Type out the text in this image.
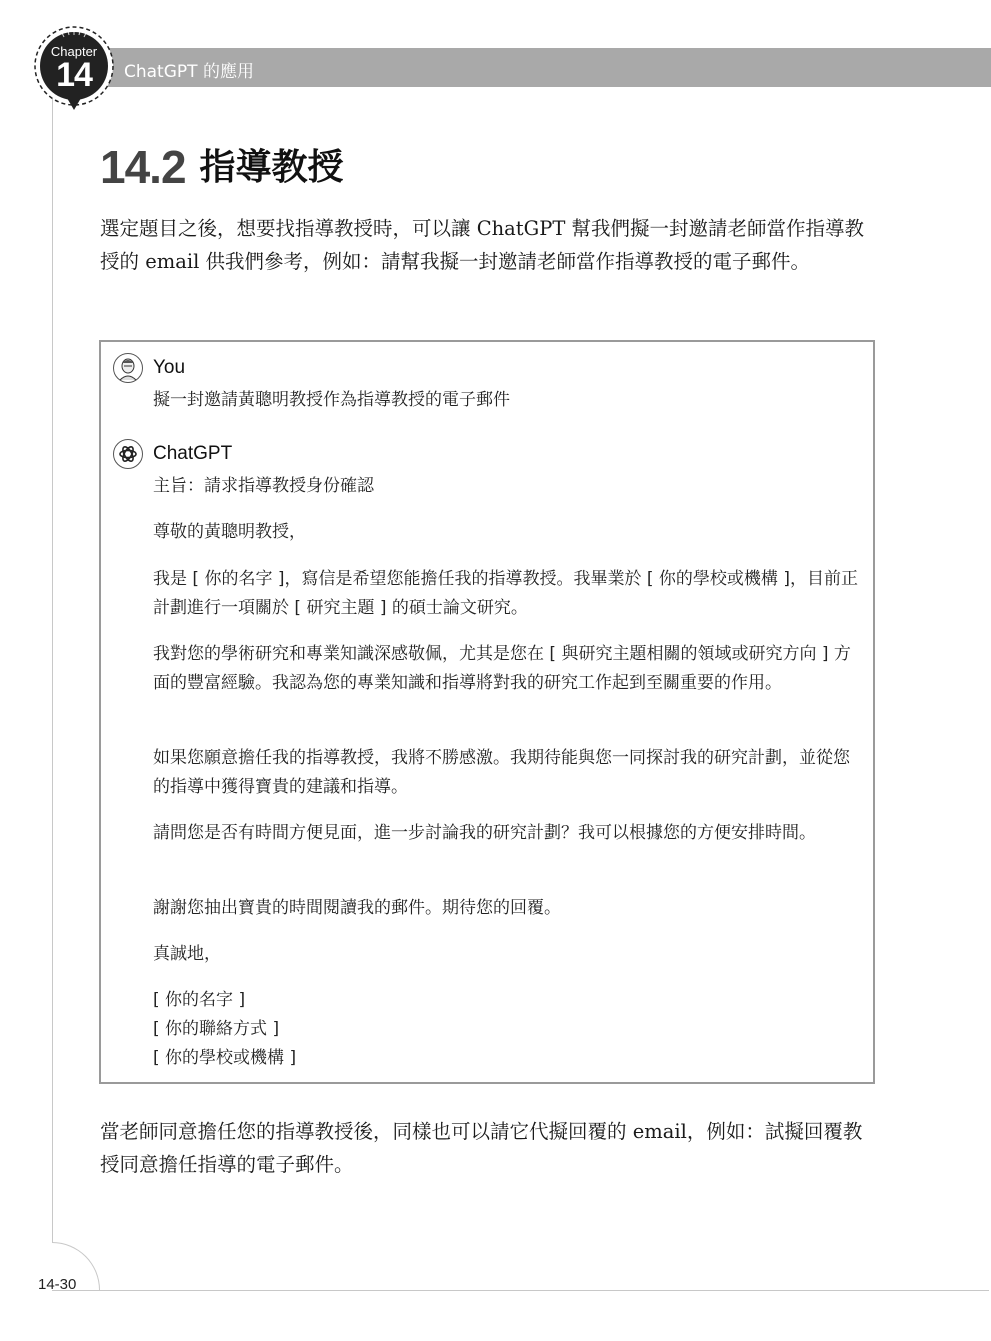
ChatGPT 的應用
Chapter
14
14.2 指導教授

選定題目之後，想要找指導教授時，可以讓 ChatGPT 幫我們擬一封邀請老師當作指導教授的 email 供我們參考，例如：請幫我擬一封邀請老師當作指導教授的電子郵件。

You

擬一封邀請黃聰明教授作為指導教授的電子郵件

ChatGPT

主旨：請求指導教授身份確認

尊敬的黃聰明教授，

我是 [ 你的名字 ]，寫信是希望您能擔任我的指導教授。我畢業於 [ 你的學校或機構 ]，目前正計劃進行一項關於 [ 研究主題 ] 的碩士論文研究。

我對您的學術研究和專業知識深感敬佩，尤其是您在 [ 與研究主題相關的領域或研究方向 ] 方面的豐富經驗。我認為您的專業知識和指導將對我的研究工作起到至關重要的作用。

如果您願意擔任我的指導教授，我將不勝感激。我期待能與您一同探討我的研究計劃，並從您的指導中獲得寶貴的建議和指導。

請問您是否有時間方便見面，進一步討論我的研究計劃？我可以根據您的方便安排時間。

謝謝您抽出寶貴的時間閱讀我的郵件。期待您的回覆。

真誠地，

[ 你的名字 ]

[ 你的聯絡方式 ]

[ 你的學校或機構 ]

當老師同意擔任您的指導教授後，同樣也可以請它代擬回覆的 email，例如：試擬回覆教授同意擔任指導的電子郵件。

14-30
